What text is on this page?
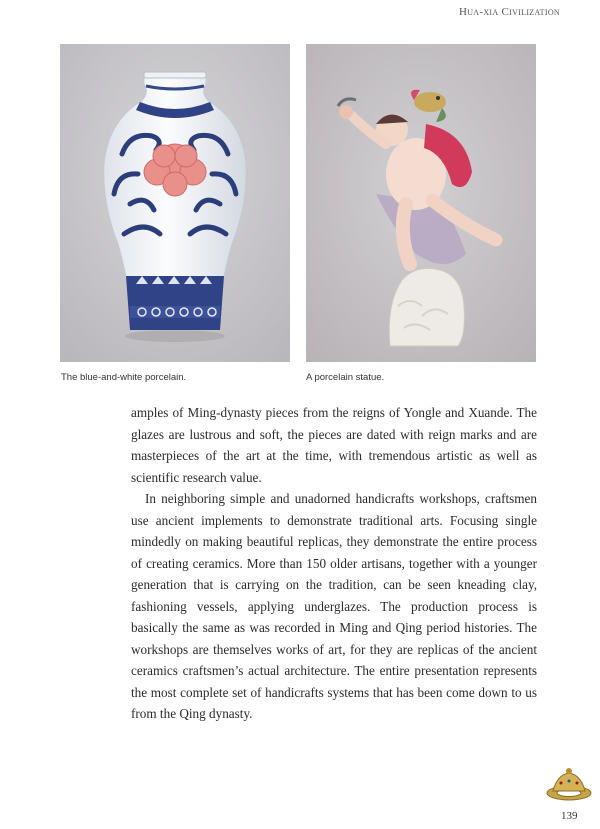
Hua-xia Civilization
The blue-and-white porcelain.	A porcelain statue.

amples of Ming-dynasty pieces from the reigns of Yongle and Xuande. The glazes are lustrous and soft, the pieces are dated with reign marks and are masterpieces of the art at the time, with tremendous artistic as well as scientific research value.

In neighboring simple and unadorned handicrafts workshops, craftsmen use ancient implements to demonstrate traditional arts. Focusing single mindedly on making beautiful replicas, they demonstrate the entire process of creating ceramics. More than 150 older artisans, together with a younger generation that is carrying on the tradition, can be seen kneading clay, fashioning vessels, applying underglazes. The production process is basically the same as was recorded in Ming and Qing period histories. The workshops are themselves works of art, for they are replicas of the ancient ceramics craftsmen’s actual architecture. The entire presentation represents the most complete set of handicrafts systems that has been come down to us from the Qing dynasty.

139
